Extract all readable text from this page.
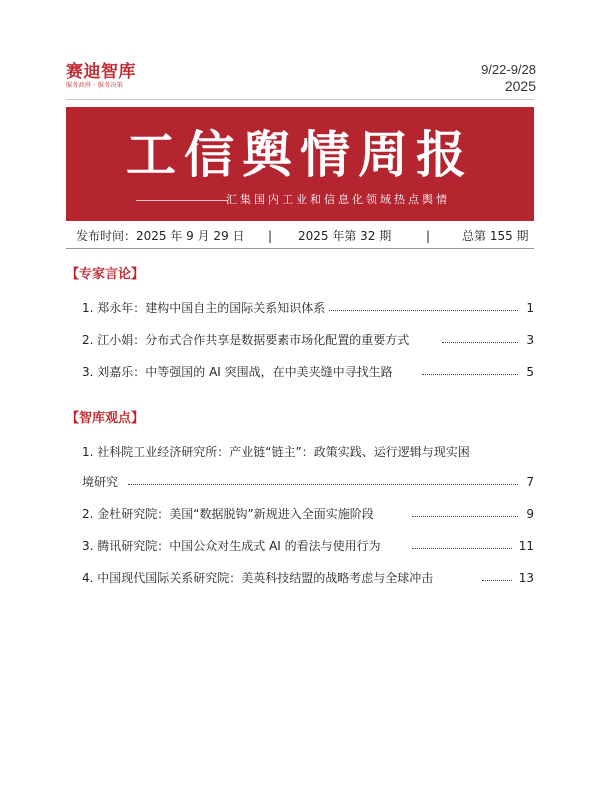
赛迪智库
服务政府 · 服务决策
9/22-9/28
2025
工信舆情周报
汇集国内工业和信息化领域热点舆情
发布时间：2025 年 9 月 29 日 | 2025 年第 32 期	|	总第 155 期
【专家言论】
1. 郑永年：建构中国自主的国际关系知识体系	1
2. 江小娟：分布式合作共享是数据要素市场化配置的重要方式	3
3. 刘嘉乐：中等强国的 AI 突围战，在中美夹缝中寻找生路	5
【智库观点】
1. 社科院工业经济研究所：产业链“链主”：政策实践、运行逻辑与现实困
境研究	7
2. 金杜研究院：美国“数据脱钩”新规进入全面实施阶段	9
3. 腾讯研究院：中国公众对生成式 AI 的看法与使用行为	11
4. 中国现代国际关系研究院：美英科技结盟的战略考虑与全球冲击	13
